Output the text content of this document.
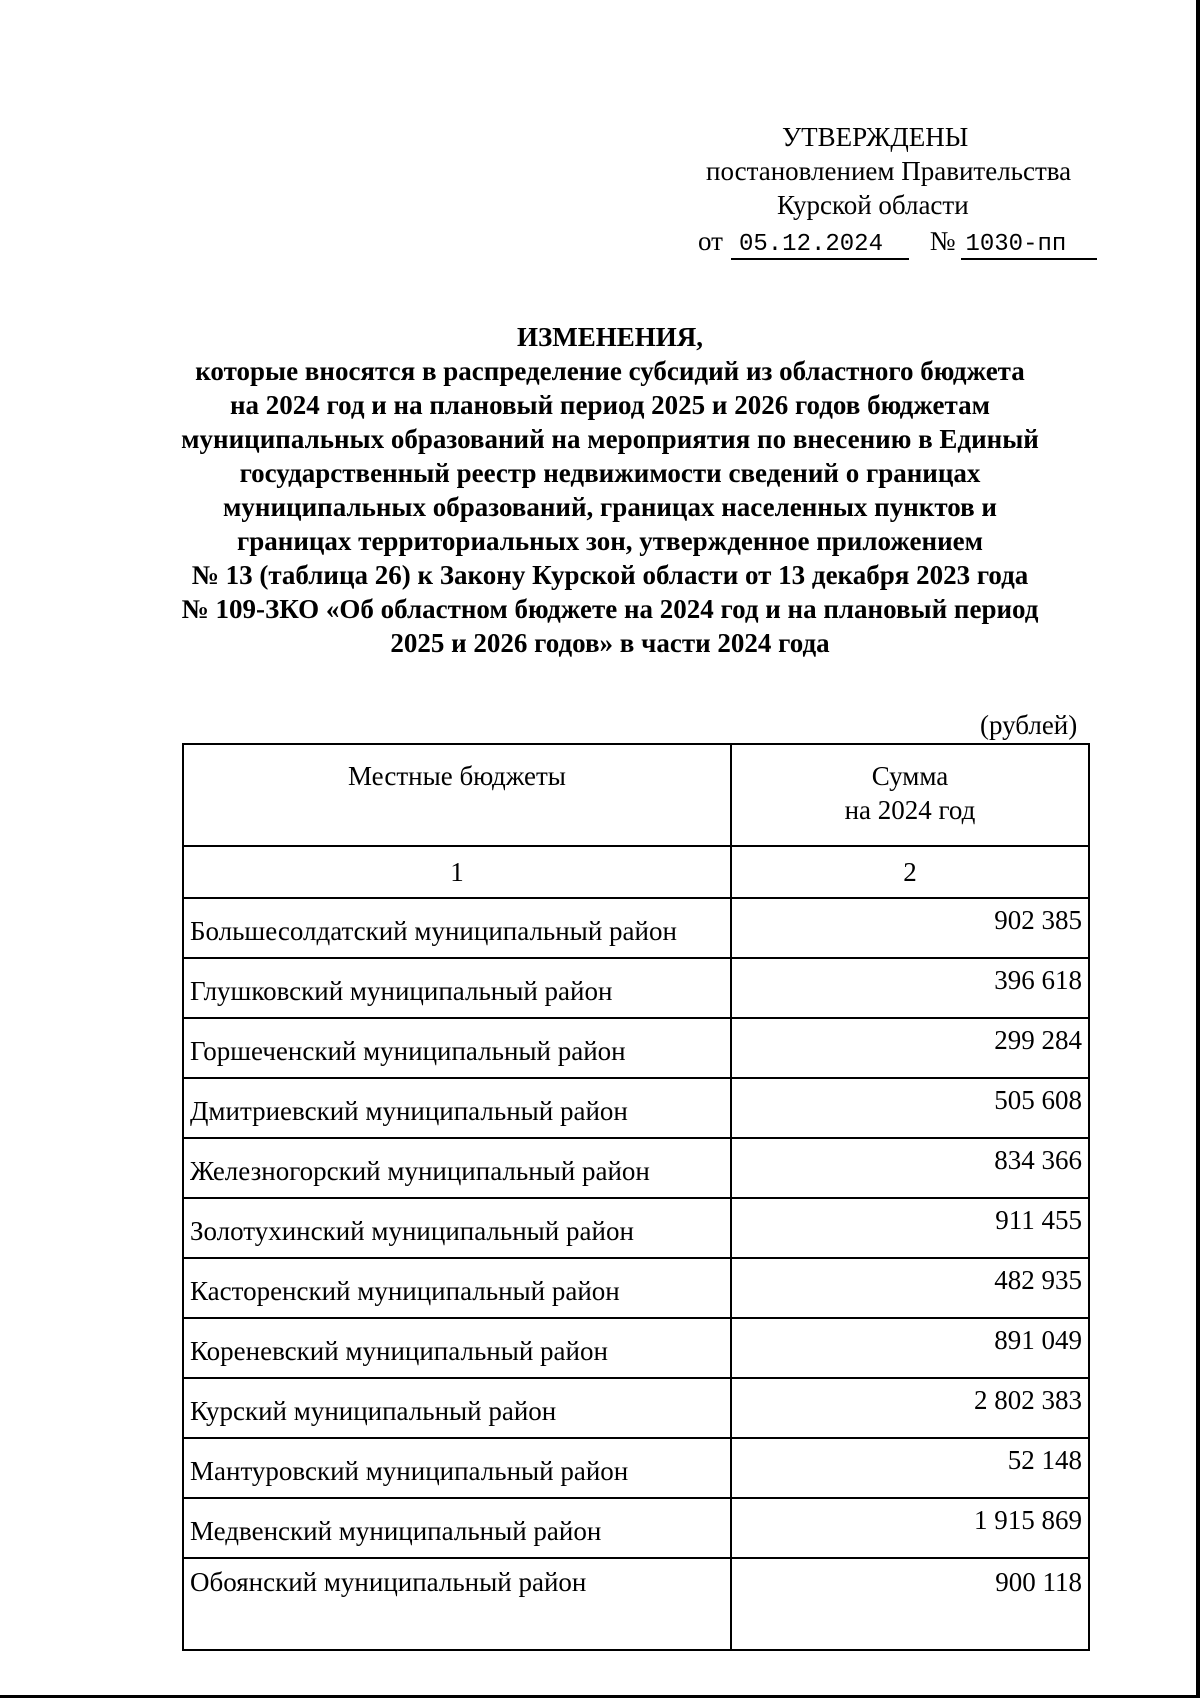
УТВЕРЖДЕНЫ
постановлением Правительства
Курской области
от 05.12.2024 № 1030-пп
ИЗМЕНЕНИЯ,
которые вносятся в распределение субсидий из областного бюджета
на 2024 год и на плановый период 2025 и 2026 годов бюджетам
муниципальных образований на мероприятия по внесению в Единый
государственный реестр недвижимости сведений о границах
муниципальных образований, границах населенных пунктов и
границах территориальных зон, утвержденное приложением
№ 13 (таблица 26) к Закону Курской области от 13 декабря 2023 года
№ 109-ЗКО «Об областном бюджете на 2024 год и на плановый период
2025 и 2026 годов» в части 2024 года
(рублей)
Местные бюджеты	Сумма
на 2024 год

1	2
Большесолдатский муниципальный район	902 385
Глушковский муниципальный район	396 618
Горшеченский муниципальный район	299 284
Дмитриевский муниципальный район	505 608
Железногорский муниципальный район	834 366
Золотухинский муниципальный район	911 455
Касторенский муниципальный район	482 935
Кореневский муниципальный район	891 049
Курский муниципальный район	2 802 383
Мантуровский муниципальный район	52 148
Медвенский муниципальный район	1 915 869
Обоянский муниципальный район	900 118
